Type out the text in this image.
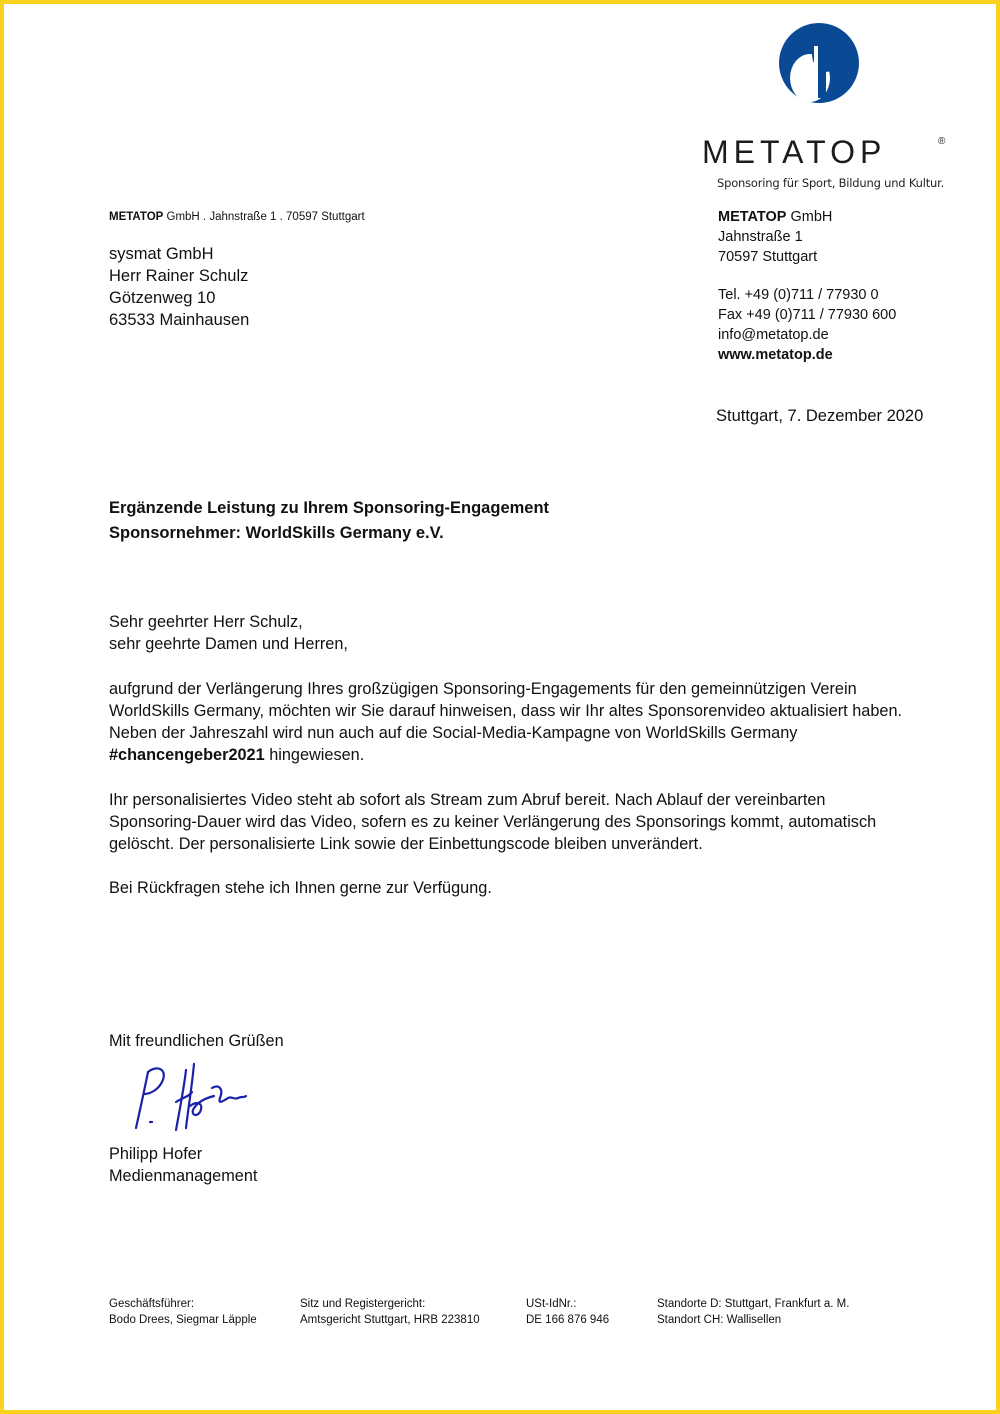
METATOP	®
Sponsoring für Sport, Bildung und Kultur.
METATOP GmbH . Jahnstraße 1 . 70597 Stuttgart
sysmat GmbH
Herr Rainer Schulz
Götzenweg 10
63533 Mainhausen
METATOP GmbH
Jahnstraße 1
70597 Stuttgart
Tel. +49 (0)711 / 77930 0
Fax +49 (0)711 / 77930 600
info@metatop.de
www.metatop.de
Stuttgart, 7. Dezember 2020
Ergänzende Leistung zu Ihrem Sponsoring-Engagement
Sponsornehmer: WorldSkills Germany e.V.

Sehr geehrter Herr Schulz,
sehr geehrte Damen und Herren,

aufgrund der Verlängerung Ihres großzügigen Sponsoring-Engagements für den gemeinnützigen Verein WorldSkills Germany, möchten wir Sie darauf hinweisen, dass wir Ihr altes Sponsorenvideo aktualisiert haben. Neben der Jahreszahl wird nun auch auf die Social-Media-Kampagne von WorldSkills Germany #chancengeber2021 hingewiesen.

Ihr personalisiertes Video steht ab sofort als Stream zum Abruf bereit. Nach Ablauf der vereinbarten Sponsoring-Dauer wird das Video, sofern es zu keiner Verlängerung des Sponsorings kommt, automatisch gelöscht. Der personalisierte Link sowie der Einbettungscode bleiben unverändert.

Bei Rückfragen stehe ich Ihnen gerne zur Verfügung.

Mit freundlichen Grüßen
Philipp Hofer
Medienmanagement
Geschäftsführer:
Bodo Drees, Siegmar Läpple
Sitz und Registergericht:
Amtsgericht Stuttgart, HRB 223810
USt-IdNr.:
DE 166 876 946
Standorte D: Stuttgart, Frankfurt a. M.
Standort CH: Wallisellen
